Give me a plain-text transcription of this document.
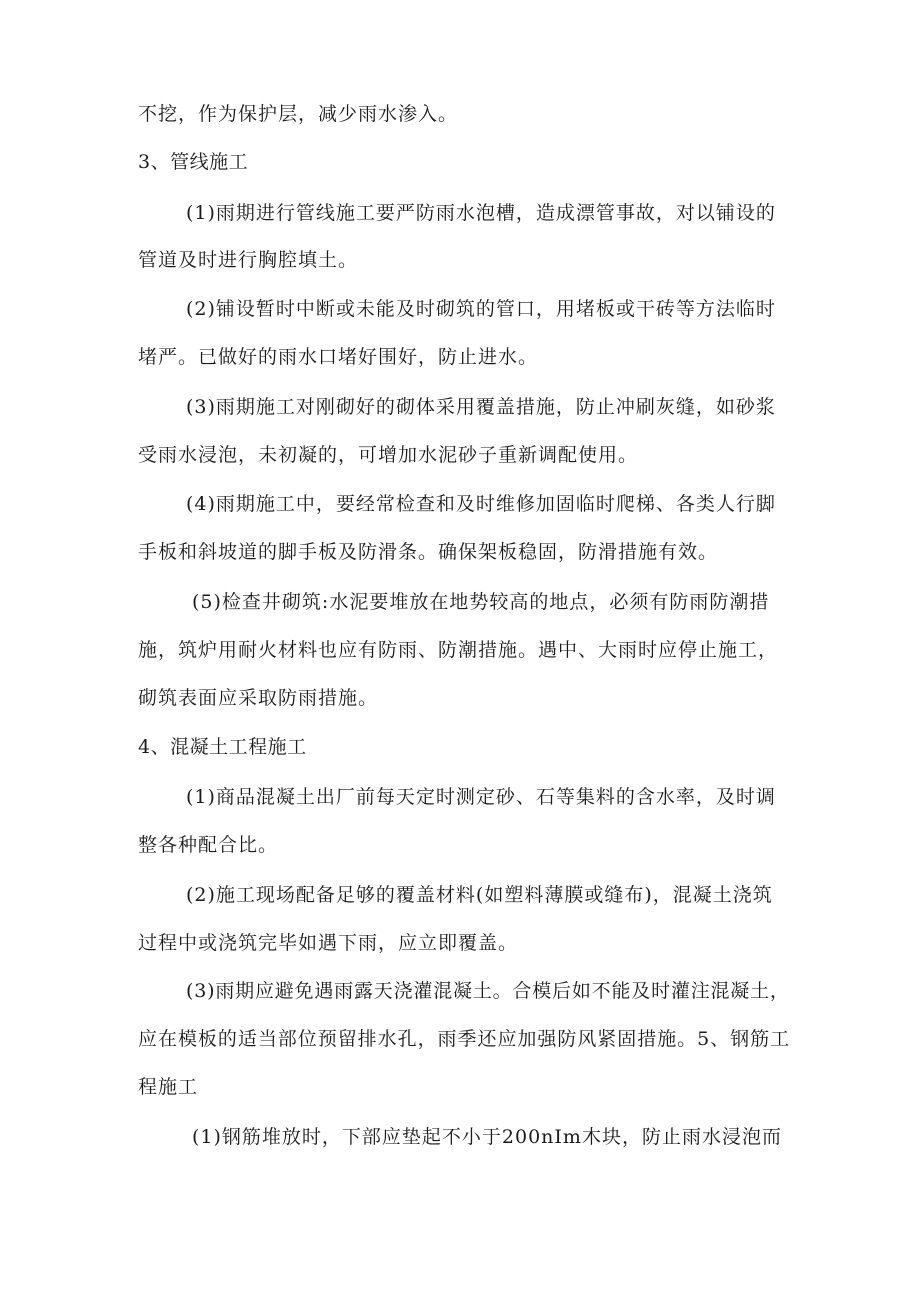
不挖，作为保护层，减少雨水渗入。
3、管线施工
(1)雨期进行管线施工要严防雨水泡槽，造成漂管事故，对以铺设的
管道及时进行胸腔填土。
(2)铺设暂时中断或未能及时砌筑的管口，用堵板或干砖等方法临时
堵严。已做好的雨水口堵好围好，防止进水。
(3)雨期施工对刚砌好的砌体采用覆盖措施，防止冲刷灰缝，如砂浆
受雨水浸泡，未初凝的，可增加水泥砂子重新调配使用。
(4)雨期施工中，要经常检查和及时维修加固临时爬梯、各类人行脚
手板和斜坡道的脚手板及防滑条。确保架板稳固，防滑措施有效。
(5)检查井砌筑:水泥要堆放在地势较高的地点，必须有防雨防潮措
施，筑炉用耐火材料也应有防雨、防潮措施。遇中、大雨时应停止施工，
砌筑表面应采取防雨措施。
4、混凝土工程施工
(1)商品混凝土出厂前每天定时测定砂、石等集料的含水率，及时调
整各种配合比。
(2)施工现场配备足够的覆盖材料(如塑料薄膜或缝布)，混凝土浇筑
过程中或浇筑完毕如遇下雨，应立即覆盖。
(3)雨期应避免遇雨露天浇灌混凝土。合模后如不能及时灌注混凝土，
应在模板的适当部位预留排水孔，雨季还应加强防风紧固措施。5、钢筋工
程施工
(1)钢筋堆放时，下部应垫起不小于200nIm木块，防止雨水浸泡而
